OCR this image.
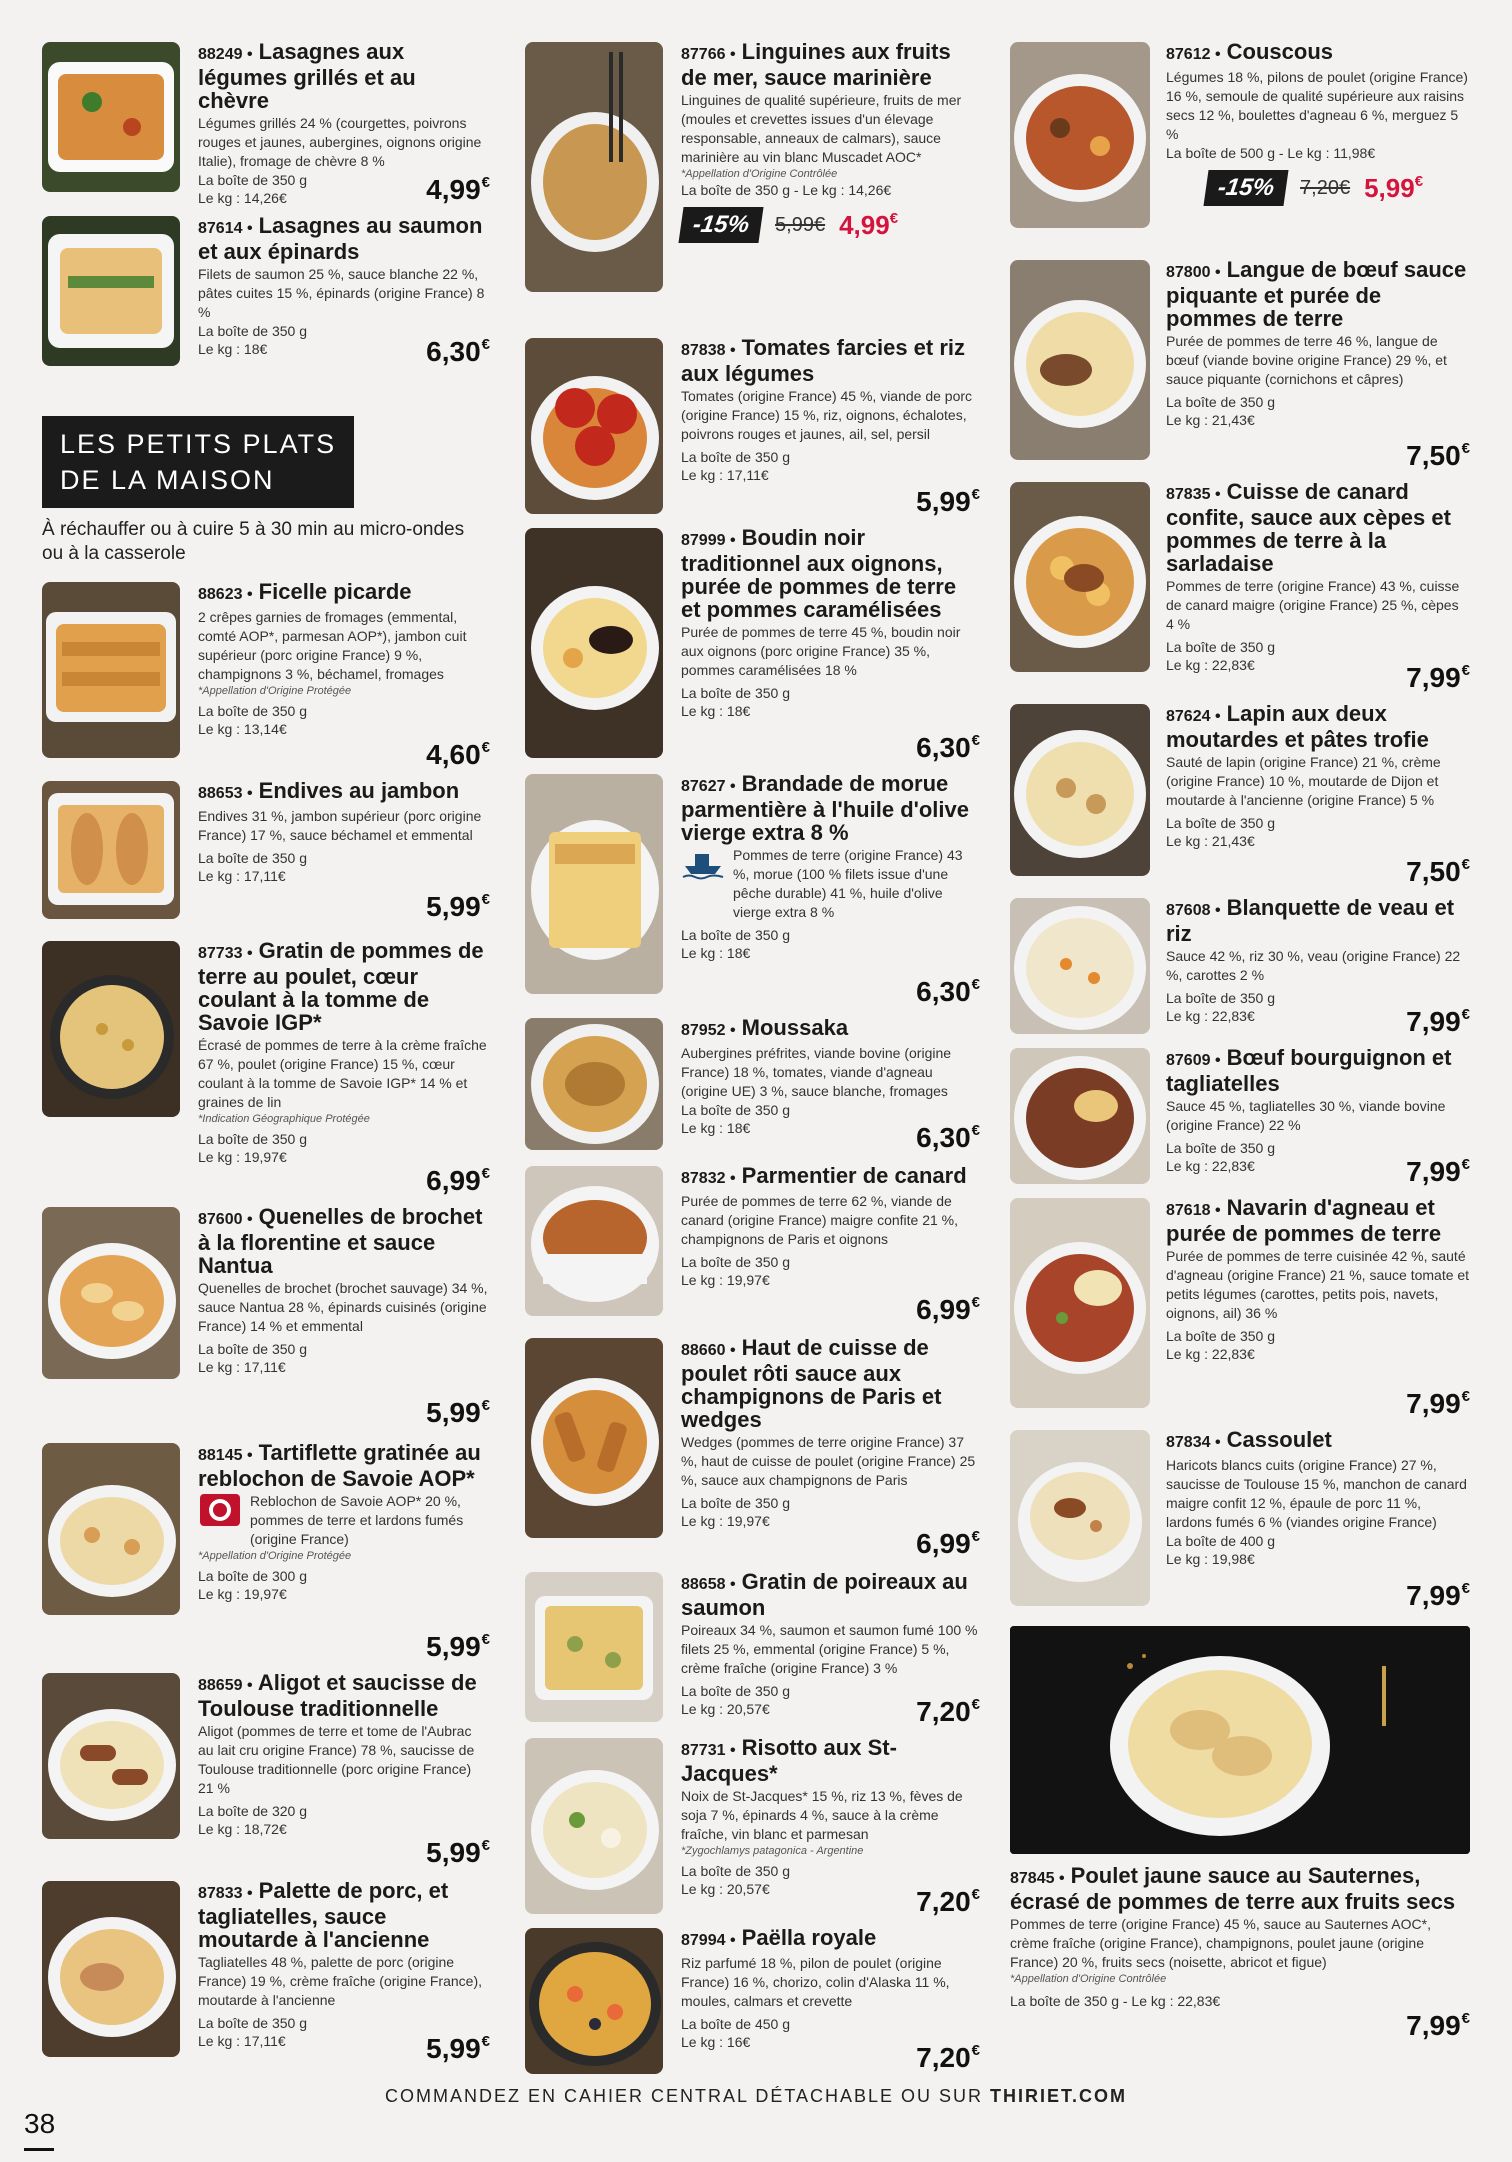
88249 • Lasagnes aux légumes grillés et au chèvre
Légumes grillés 24 % (courgettes, poivrons rouges et jaunes, aubergines, oignons origine Italie), fromage de chèvre 8 %
La boîte de 350 g
Le kg : 14,26€	4,99€
87614 • Lasagnes au saumon et aux épinards
Filets de saumon 25 %, sauce blanche 22 %, pâtes cuites 15 %, épinards (origine France) 8 %
La boîte de 350 g
Le kg : 18€	6,30€
LES PETITS PLATS
DE LA MAISON
À réchauffer ou à cuire 5 à 30 min au micro-ondes ou à la casserole
88623 • Ficelle picarde
2 crêpes garnies de fromages (emmental, comté AOP*, parmesan AOP*), jambon cuit supérieur (porc origine France) 9 %, champignons 3 %, béchamel, fromages
*Appellation d'Origine Protégée
La boîte de 350 g
Le kg : 13,14€
4,60€
88653 • Endives au jambon
Endives 31 %, jambon supérieur (porc origine France) 17 %, sauce béchamel et emmental
La boîte de 350 g
Le kg : 17,11€
5,99€
87733 • Gratin de pommes de terre au poulet, cœur coulant à la tomme de Savoie IGP*
Écrasé de pommes de terre à la crème fraîche 67 %, poulet (origine France) 15 %, cœur coulant à la tomme de Savoie IGP* 14 % et graines de lin
*Indication Géographique Protégée
La boîte de 350 g
Le kg : 19,97€
6,99€
87600 • Quenelles de brochet à la florentine et sauce Nantua
Quenelles de brochet (brochet sauvage) 34 %, sauce Nantua 28 %, épinards cuisinés (origine France) 14 % et emmental
La boîte de 350 g
Le kg : 17,11€
5,99€
88145 • Tartiflette gratinée au reblochon de Savoie AOP*
Reblochon de Savoie AOP* 20 %, pommes de terre et lardons fumés (origine France)
*Appellation d'Origine Protégée
La boîte de 300 g
Le kg : 19,97€
5,99€
88659 • Aligot et saucisse de Toulouse traditionnelle
Aligot (pommes de terre et tome de l'Aubrac au lait cru origine France) 78 %, saucisse de Toulouse traditionnelle (porc origine France) 21 %
La boîte de 320 g
Le kg : 18,72€
5,99€
87833 • Palette de porc, et tagliatelles, sauce moutarde à l'ancienne
Tagliatelles 48 %, palette de porc (origine France) 19 %, crème fraîche (origine France), moutarde à l'ancienne
La boîte de 350 g
Le kg : 17,11€	5,99€
87766 • Linguines aux fruits de mer, sauce marinière
Linguines de qualité supérieure, fruits de mer (moules et crevettes issues d'un élevage responsable, anneaux de calmars), sauce marinière au vin blanc Muscadet AOC*
*Appellation d'Origine Contrôlée
La boîte de 350 g - Le kg : 14,26€
-15%	5,99€ 4,99€
87838 • Tomates farcies et riz aux légumes
Tomates (origine France) 45 %, viande de porc (origine France) 15 %, riz, oignons, échalotes, poivrons rouges et jaunes, ail, sel, persil
La boîte de 350 g
Le kg : 17,11€
5,99€
87999 • Boudin noir traditionnel aux oignons, purée de pommes de terre et pommes caramélisées
Purée de pommes de terre 45 %, boudin noir aux oignons (porc origine France) 35 %, pommes caramélisées 18 %
La boîte de 350 g
Le kg : 18€
6,30€
87627 • Brandade de morue parmentière à l'huile d'olive vierge extra 8 %
Pommes de terre (origine France) 43 %, morue (100 % filets issue d'une pêche durable) 41 %, huile d'olive vierge extra 8 %
La boîte de 350 g
Le kg : 18€
6,30€
87952 • Moussaka
Aubergines préfrites, viande bovine (origine France) 18 %, tomates, viande d'agneau (origine UE) 3 %, sauce blanche, fromages
La boîte de 350 g
Le kg : 18€	6,30€
87832 • Parmentier de canard
Purée de pommes de terre 62 %, viande de canard (origine France) maigre confite 21 %, champignons de Paris et oignons
La boîte de 350 g
Le kg : 19,97€
6,99€
88660 • Haut de cuisse de poulet rôti sauce aux champignons de Paris et wedges
Wedges (pommes de terre origine France) 37 %, haut de cuisse de poulet (origine France) 25 %, sauce aux champignons de Paris
La boîte de 350 g
Le kg : 19,97€
6,99€
88658 • Gratin de poireaux au saumon
Poireaux 34 %, saumon et saumon fumé 100 % filets 25 %, emmental (origine France) 5 %, crème fraîche (origine France) 3 %
La boîte de 350 g
Le kg : 20,57€	7,20€
87731 • Risotto aux St-Jacques*
Noix de St-Jacques* 15 %, riz 13 %, fèves de soja 7 %, épinards 4 %, sauce à la crème fraîche, vin blanc et parmesan
*Zygochlamys patagonica - Argentine
La boîte de 350 g
Le kg : 20,57€	7,20€
87994 • Paëlla royale
Riz parfumé 18 %, pilon de poulet (origine France) 16 %, chorizo, colin d'Alaska 11 %, moules, calmars et crevette
La boîte de 450 g
Le kg : 16€	7,20€
87612 • Couscous
Légumes 18 %, pilons de poulet (origine France) 16 %, semoule de qualité supérieure aux raisins secs 12 %, boulettes d'agneau 6 %, merguez 5 %
La boîte de 500 g - Le kg : 11,98€
-15%	7,20€ 5,99€
87800 • Langue de bœuf sauce piquante et purée de pommes de terre
Purée de pommes de terre 46 %, langue de bœuf (viande bovine origine France) 29 %, et sauce piquante (cornichons et câpres)
La boîte de 350 g
Le kg : 21,43€
7,50€
87835 • Cuisse de canard confite, sauce aux cèpes et pommes de terre à la sarladaise
Pommes de terre (origine France) 43 %, cuisse de canard maigre (origine France) 25 %, cèpes 4 %
La boîte de 350 g
Le kg : 22,83€	7,99€
87624 • Lapin aux deux moutardes et pâtes trofie
Sauté de lapin (origine France) 21 %, crème (origine France) 10 %, moutarde de Dijon et moutarde à l'ancienne (origine France) 5 %
La boîte de 350 g
Le kg : 21,43€
7,50€
87608 • Blanquette de veau et riz
Sauce 42 %, riz 30 %, veau (origine France) 22 %, carottes 2 %
La boîte de 350 g
Le kg : 22,83€	7,99€
87609 • Bœuf bourguignon et tagliatelles
Sauce 45 %, tagliatelles 30 %, viande bovine (origine France) 22 %
La boîte de 350 g
Le kg : 22,83€	7,99€
87618 • Navarin d'agneau et purée de pommes de terre
Purée de pommes de terre cuisinée 42 %, sauté d'agneau (origine France) 21 %, sauce tomate et petits légumes (carottes, petits pois, navets, oignons, ail) 36 %
La boîte de 350 g
Le kg : 22,83€
7,99€
87834 • Cassoulet
Haricots blancs cuits (origine France) 27 %, saucisse de Toulouse 15 %, manchon de canard maigre confit 12 %, épaule de porc 11 %, lardons fumés 6 % (viandes origine France)
La boîte de 400 g
Le kg : 19,98€
7,99€
87845 • Poulet jaune sauce au Sauternes, écrasé de pommes de terre aux fruits secs
Pommes de terre (origine France) 45 %, sauce au Sauternes AOC*, crème fraîche (origine France), champignons, poulet jaune (origine France) 20 %, fruits secs (noisette, abricot et figue)
*Appellation d'Origine Contrôlée
La boîte de 350 g - Le kg : 22,83€
7,99€
COMMANDEZ EN CAHIER CENTRAL DÉTACHABLE OU SUR THIRIET.COM
38
